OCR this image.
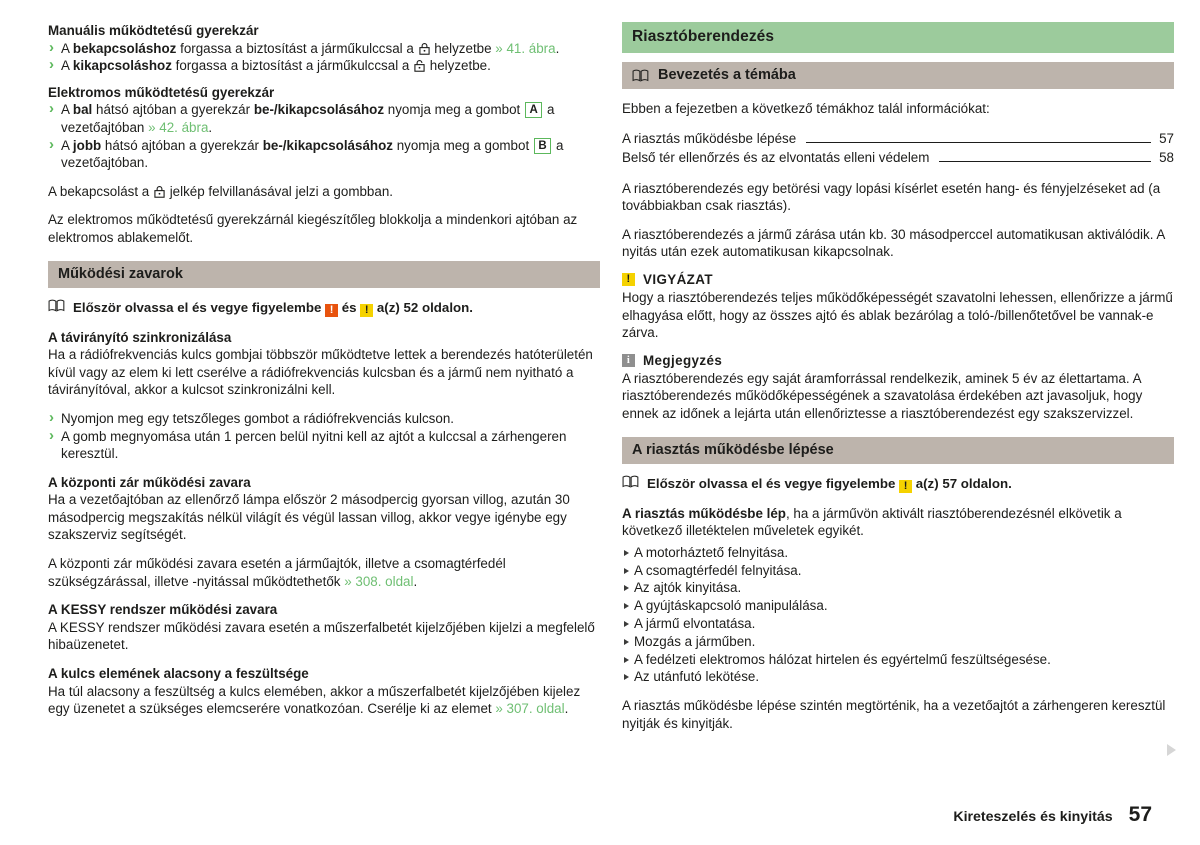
Manuális működtetésű gyerekzár
› A bekapcsoláshoz forgassa a biztosítást a járműkulccsal a  helyzetbe » 41. ábra.
› A kikapcsoláshoz forgassa a biztosítást a járműkulccsal a  helyzetbe.
Elektromos működtetésű gyerekzár
› A bal hátsó ajtóban a gyerekzár be-/kikapcsolásához nyomja meg a gombot A a vezetőajtóban » 42. ábra.
› A jobb hátsó ajtóban a gyerekzár be-/kikapcsolásához nyomja meg a gombot B a vezetőajtóban.

A bekapcsolást a  jelkép felvillanásával jelzi a gombban.

Az elektromos működtetésű gyerekzárnál kiegészítőleg blokkolja a mindenkori ajtóban az elektromos ablakemelőt.

Működési zavarok
Először olvassa el és vegye figyelembe ! és ! a(z) 52 oldalon.
A távirányító szinkronizálása

Ha a rádiófrekvenciás kulcs gombjai többször működtetve lettek a berendezés hatóterületén kívül vagy az elem ki lett cserélve a rádiófrekvenciás kulcsban és a jármű nem nyitható a távirányítóval, akkor a kulcsot szinkronizálni kell.

› Nyomjon meg egy tetszőleges gombot a rádiófrekvenciás kulcson.
› A gomb megnyomása után 1 percen belül nyitni kell az ajtót a kulccsal a zárhengeren keresztül.
A központi zár működési zavara

Ha a vezetőajtóban az ellenőrző lámpa először 2 másodpercig gyorsan villog, azután 30 másodpercig megszakítás nélkül világít és végül lassan villog, akkor vegye igénybe egy szakszerviz segítségét.

A központi zár működési zavara esetén a járműajtók, illetve a csomagtérfedél szükségzárással, illetve -nyitással működtethetők » 308. oldal.

A KESSY rendszer működési zavara

A KESSY rendszer működési zavara esetén a műszerfalbetét kijelzőjében kijelzi a megfelelő hibaüzenetet.

A kulcs elemének alacsony a feszültsége

Ha túl alacsony a feszültség a kulcs elemében, akkor a műszerfalbetét kijelzőjében kijelez egy üzenetet a szükséges elemcserére vonatkozóan. Cserélje ki az elemet » 307. oldal.

Riasztóberendezés
Bevezetés a témába

Ebben a fejezetben a következő témákhoz talál információkat:

A riasztás működésbe lépése	57
Belső tér ellenőrzés és az elvontatás elleni védelem	58

A riasztóberendezés egy betörési vagy lopási kísérlet esetén hang- és fényjelzéseket ad (a továbbiakban csak riasztás).

A riasztóberendezés a jármű zárása után kb. 30 másodperccel automatikusan aktiválódik. A nyitás után ezek automatikusan kikapcsolnak.

! VIGYÁZAT

Hogy a riasztóberendezés teljes működőképességét szavatolni lehessen, ellenőrizze a jármű elhagyása előtt, hogy az összes ajtó és ablak bezárólag a toló-/billenőtetővel be vannak-e zárva.

i Megjegyzés

A riasztóberendezés egy saját áramforrással rendelkezik, aminek 5 év az élettartama. A riasztóberendezés működőképességének a szavatolása érdekében azt javasoljuk, hogy ennek az időnek a lejárta után ellenőriztesse a riasztóberendezést egy szakszervizzel.

A riasztás működésbe lépése
Először olvassa el és vegye figyelembe ! a(z) 57 oldalon.

A riasztás működésbe lép, ha a járművön aktivált riasztóberendezésnél elkövetik a következő illetéktelen műveletek egyikét.

A motorháztető felnyitása.
A csomagtérfedél felnyitása.
Az ajtók kinyitása.
A gyújtáskapcsoló manipulálása.
A jármű elvontatása.
Mozgás a járműben.
A fedélzeti elektromos hálózat hirtelen és egyértelmű feszültségesése.
Az utánfutó lekötése.

A riasztás működésbe lépése szintén megtörténik, ha a vezetőajtót a zárhengeren keresztül nyitják és kinyitják.

Kireteszelés és kinyitás 57
